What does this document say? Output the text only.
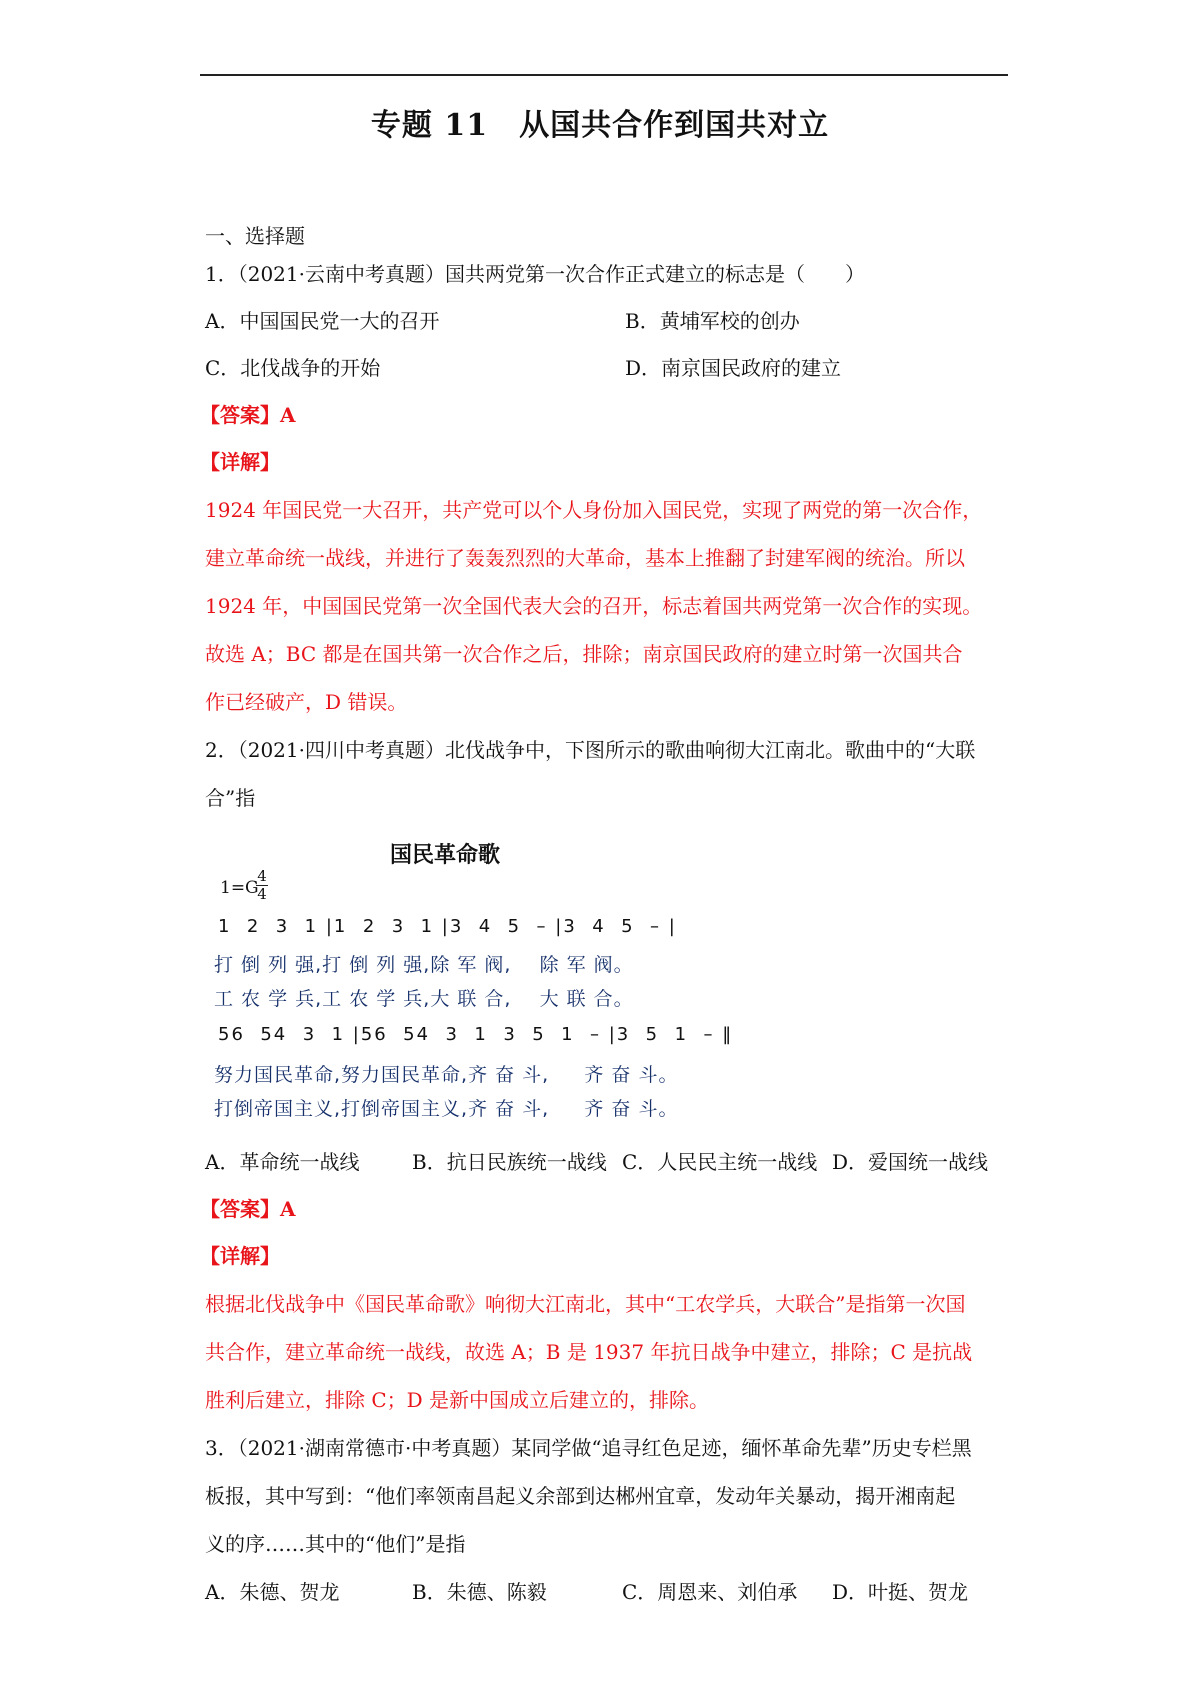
专题 11　从国共合作到国共对立
一、选择题
1．（2021·云南中考真题）国共两党第一次合作正式建立的标志是（　　）
A．中国国民党一大的召开	B．黄埔军校的创办
C．北伐战争的开始	D．南京国民政府的建立
【答案】A
【详解】
1924 年国民党一大召开，共产党可以个人身份加入国民党，实现了两党的第一次合作，
建立革命统一战线，并进行了轰轰烈烈的大革命，基本上推翻了封建军阀的统治。所以
1924 年，中国国民党第一次全国代表大会的召开，标志着国共两党第一次合作的实现。
故选 A；BC 都是在国共第一次合作之后，排除；南京国民政府的建立时第一次国共合
作已经破产，D 错误。
2．（2021·四川中考真题）北伐战争中，下图所示的歌曲响彻大江南北。歌曲中的“大联
合”指
国民革命歌
1=G
4
4
1  2  3  1 |1  2  3  1 |3  4  5  – |3  4  5  – |
打 倒 列 强,打 倒 列 强,除 军 阀,    除 军 阀。
工 农 学 兵,工 农 学 兵,大 联 合,    大 联 合。
56  54  3  1 |56  54  3  1  3  5  1  – |3  5  1  – ‖
努力国民革命,努力国民革命,齐 奋 斗,     齐 奋 斗。
打倒帝国主义,打倒帝国主义,齐 奋 斗,     齐 奋 斗。
A．革命统一战线	B．抗日民族统一战线 C．人民民主统一战线 D．爱国统一战线
【答案】A
【详解】
根据北伐战争中《国民革命歌》响彻大江南北，其中“工农学兵，大联合”是指第一次国
共合作，建立革命统一战线，故选 A；B 是 1937 年抗日战争中建立，排除；C 是抗战
胜利后建立，排除 C；D 是新中国成立后建立的，排除。
3．（2021·湖南常德市·中考真题）某同学做“追寻红色足迹，缅怀革命先辈”历史专栏黑
板报，其中写到：“他们率领南昌起义余部到达郴州宜章，发动年关暴动，揭开湘南起
义的序……其中的“他们”是指
A．朱德、贺龙	B．朱德、陈毅	C．周恩来、刘伯承 D．叶挺、贺龙
